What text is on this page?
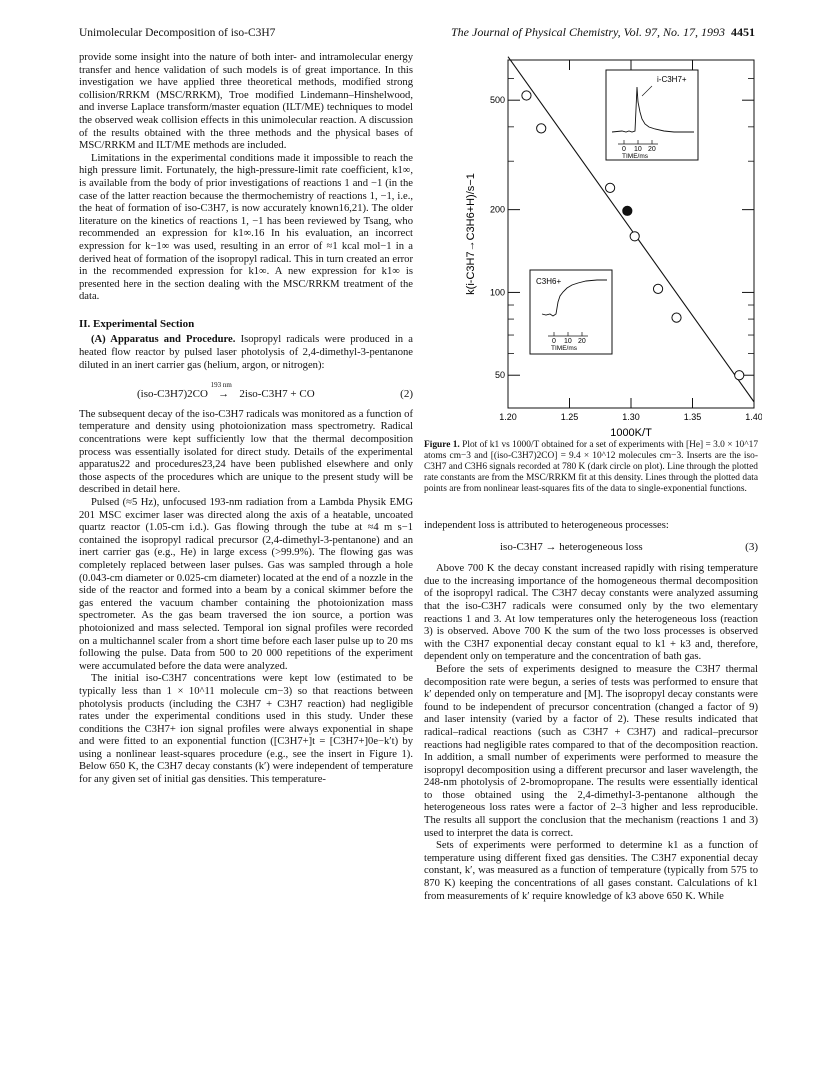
Unimolecular Decomposition of iso-C3H7	The Journal of Physical Chemistry, Vol. 97, No. 17, 1993 4451

provide some insight into the nature of both inter- and intramolecular energy transfer and hence validation of such models is of great importance. In this investigation we have applied three theoretical methods, modified strong collision/RRKM (MSC/RRKM), Troe modified Lindemann–Hinshelwood, and inverse Laplace transform/master equation (ILT/ME) techniques to model the observed weak collision effects in this unimolecular reaction. A discussion of the results obtained with the three methods and the physical bases of MSC/RRKM and ILT/ME methods are included.

Limitations in the experimental conditions made it impossible to reach the high pressure limit. Fortunately, the high-pressure-limit rate coefficient, k1∞, is available from the body of prior investigations of reactions 1 and −1 (in the case of the latter reaction because the thermochemistry of reactions 1, −1, i.e., the heat of formation of iso-C3H7, is now accurately known16,21). The older literature on the kinetics of reactions 1, −1 has been reviewed by Tsang, who recommended an expression for k1∞.16 In his evaluation, an incorrect expression for k−1∞ was used, resulting in an error of ≈1 kcal mol−1 in a derived heat of formation of the isopropyl radical. This in turn created an error in the recommended expression for k1∞. A new expression for k1∞ is presented here in the section dealing with the MSC/RRKM treatment of the data.

II. Experimental Section

(A) Apparatus and Procedure. Isopropyl radicals were produced in a heated flow reactor by pulsed laser photolysis of 2,4-dimethyl-3-pentanone diluted in an inert carrier gas (helium, argon, or nitrogen):

(iso-C3H7)2CO →
193 nm
2iso-C3H7 + CO	(2)

The subsequent decay of the iso-C3H7 radicals was monitored as a function of temperature and density using photoionization mass spectrometry. Radical concentrations were kept sufficiently low that the thermal decomposition process was essentially isolated for direct study. Details of the experimental apparatus22 and procedures23,24 have been published elsewhere and only those aspects of the procedures which are unique to the present study will be described in detail here.

Pulsed (≈5 Hz), unfocused 193-nm radiation from a Lambda Physik EMG 201 MSC excimer laser was directed along the axis of a heatable, uncoated quartz reactor (1.05-cm i.d.). Gas flowing through the tube at ≈4 m s−1 contained the isopropyl radical precursor (2,4-dimethyl-3-pentanone) and an inert carrier gas (e.g., He) in large excess (>99.9%). The flowing gas was completely replaced between laser pulses. Gas was sampled through a hole (0.043-cm diameter or 0.025-cm diameter) located at the end of a nozzle in the side of the reactor and formed into a beam by a conical skimmer before the gas entered the vacuum chamber containing the photoionization mass spectrometer. As the gas beam traversed the ion source, a portion was photoionized and mass selected. Temporal ion signal profiles were recorded on a multichannel scaler from a short time before each laser pulse up to 20 ms following the pulse. Data from 500 to 20 000 repetitions of the experiment were accumulated before the data were analyzed.

The initial iso-C3H7 concentrations were kept low (estimated to be typically less than 1 × 10^11 molecule cm−3) so that reactions between photolysis products (including the C3H7 + C3H7 reaction) had negligible rates under the experimental conditions used in this study. Under these conditions the C3H7+ ion signal profiles were always exponential in shape and were fitted to an exponential function ([C3H7+]t = [C3H7+]0e−k′t) by using a nonlinear least-squares procedure (e.g., see the insert in Figure 1). Below 650 K, the C3H7 decay constants (k′) were independent of temperature for any given set of initial gas densities. This temperature-

k(i-C3H7→C3H6+H)/s−1
1000K/T
1.20	1.25	1.30	1.35	1.40
500
200
100
50
i-C3H7+
0 10 20
TIME/ms
C3H6+
0 10 20
TIME/ms
Figure 1. Plot of k1 vs 1000/T obtained for a set of experiments with [He] = 3.0 × 10^17 atoms cm−3 and [(iso-C3H7)2CO] = 9.4 × 10^12 molecules cm−3. Inserts are the iso-C3H7 and C3H6 signals recorded at 780 K (dark circle on plot). Line through the plotted rate constants are from the MSC/RRKM fit at this density. Lines through the plotted data points are from nonlinear least-squares fits of the data to single-exponential functions.

independent loss is attributed to heterogeneous processes:

iso-C3H7 → heterogeneous loss	(3)

Above 700 K the decay constant increased rapidly with rising temperature due to the increasing importance of the homogeneous thermal decomposition of the isopropyl radical. The C3H7 decay constants were analyzed assuming that the iso-C3H7 radicals were consumed only by the two elementary reactions 1 and 3. At low temperatures only the heterogeneous loss (reaction 3) is observed. Above 700 K the sum of the two loss processes is observed with the C3H7 exponential decay constant equal to k1 + k3 and, therefore, dependent only on temperature and the concentration of bath gas.

Before the sets of experiments designed to measure the C3H7 thermal decomposition rate were begun, a series of tests was performed to ensure that k′ depended only on temperature and [M]. The isopropyl decay constants were found to be independent of precursor concentration (changed a factor of 9) and laser intensity (varied by a factor of 2). These results indicated that radical–radical reactions (such as C3H7 + C3H7) and radical–precursor reactions had negligible rates compared to that of the decomposition reaction. In addition, a small number of experiments were performed to measure the isopropyl decomposition using a different precursor and laser wavelength, the 248-nm photolysis of 2-bromopropane. The results were essentially identical to those obtained using the 2,4-dimethyl-3-pentanone although the heterogeneous loss rates were a factor of 2–3 higher and less reproducible. The results all support the conclusion that the mechanism (reactions 1 and 3) used to interpret the data is correct.

Sets of experiments were performed to determine k1 as a function of temperature using different fixed gas densities. The C3H7 exponential decay constant, k′, was measured as a function of temperature (typically from 575 to 870 K) keeping the concentrations of all gases constant. Calculations of k1 from measurements of k′ require knowledge of k3 above 650 K. While
